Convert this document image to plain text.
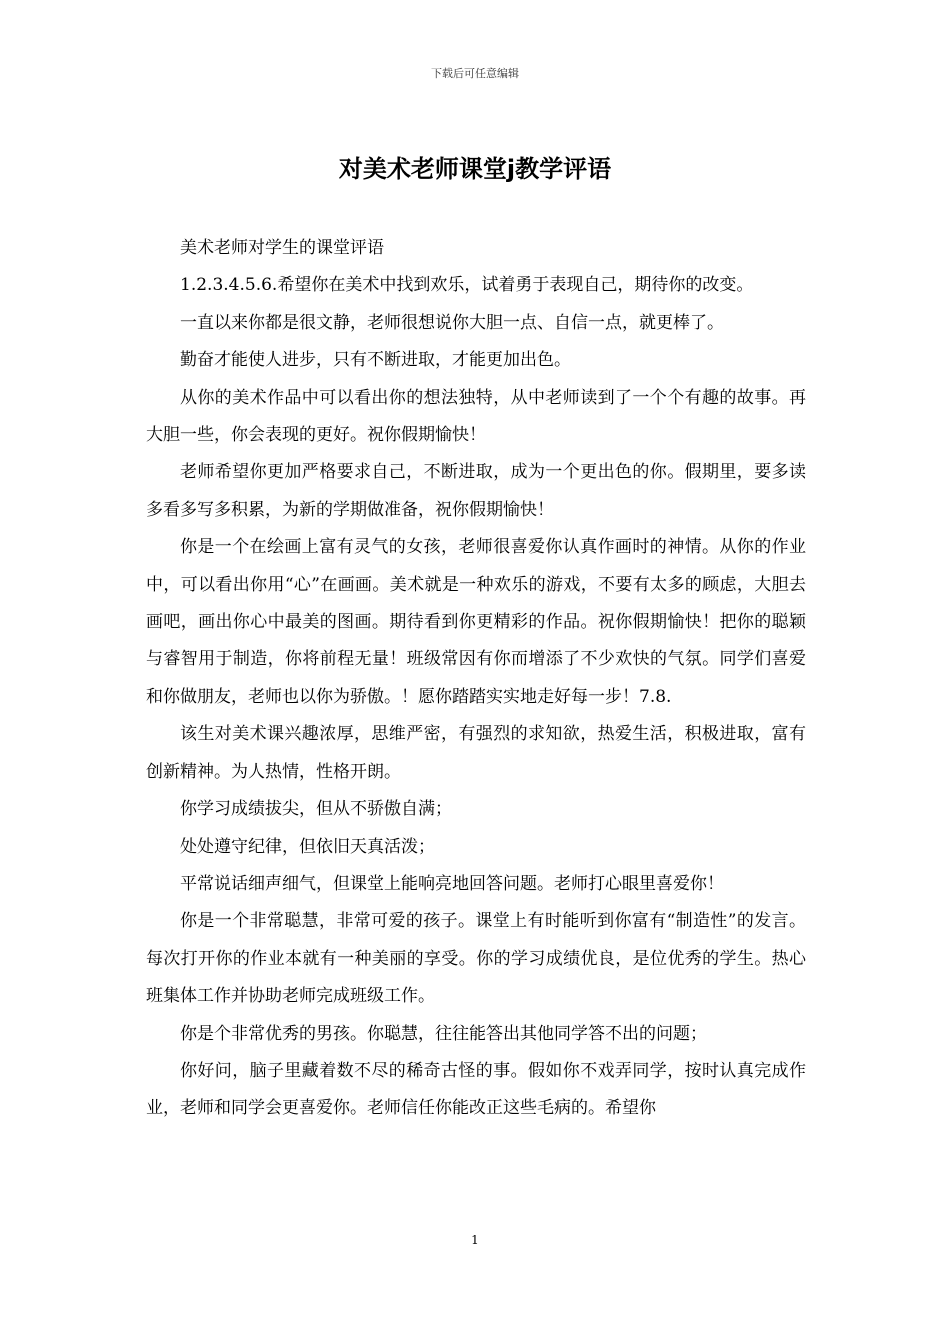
下载后可任意编辑
对美术老师课堂j教学评语

美术老师对学生的课堂评语

1.2.3.4.5.6.希望你在美术中找到欢乐，试着勇于表现自己，期待你的改变。

一直以来你都是很文静，老师很想说你大胆一点、自信一点，就更棒了。

勤奋才能使人进步，只有不断进取，才能更加出色。

从你的美术作品中可以看出你的想法独特，从中老师读到了一个个有趣的故事。再大胆一些，你会表现的更好。祝你假期愉快！

老师希望你更加严格要求自己，不断进取，成为一个更出色的你。假期里，要多读多看多写多积累，为新的学期做准备，祝你假期愉快！

你是一个在绘画上富有灵气的女孩，老师很喜爱你认真作画时的神情。从你的作业中，可以看出你用“心”在画画。美术就是一种欢乐的游戏，不要有太多的顾虑，大胆去画吧，画出你心中最美的图画。期待看到你更精彩的作品。祝你假期愉快！把你的聪颖与睿智用于制造，你将前程无量！班级常因有你而增添了不少欢快的气氛。同学们喜爱和你做朋友，老师也以你为骄傲。！愿你踏踏实实地走好每一步！7.8.

该生对美术课兴趣浓厚，思维严密，有强烈的求知欲，热爱生活，积极进取，富有创新精神。为人热情，性格开朗。

你学习成绩拔尖，但从不骄傲自满；

处处遵守纪律，但依旧天真活泼；

平常说话细声细气，但课堂上能响亮地回答问题。老师打心眼里喜爱你！

你是一个非常聪慧，非常可爱的孩子。课堂上有时能听到你富有“制造性”的发言。每次打开你的作业本就有一种美丽的享受。你的学习成绩优良，是位优秀的学生。热心班集体工作并协助老师完成班级工作。

你是个非常优秀的男孩。你聪慧，往往能答出其他同学答不出的问题；

你好问，脑子里藏着数不尽的稀奇古怪的事。假如你不戏弄同学，按时认真完成作业，老师和同学会更喜爱你。老师信任你能改正这些毛病的。希望你

1
